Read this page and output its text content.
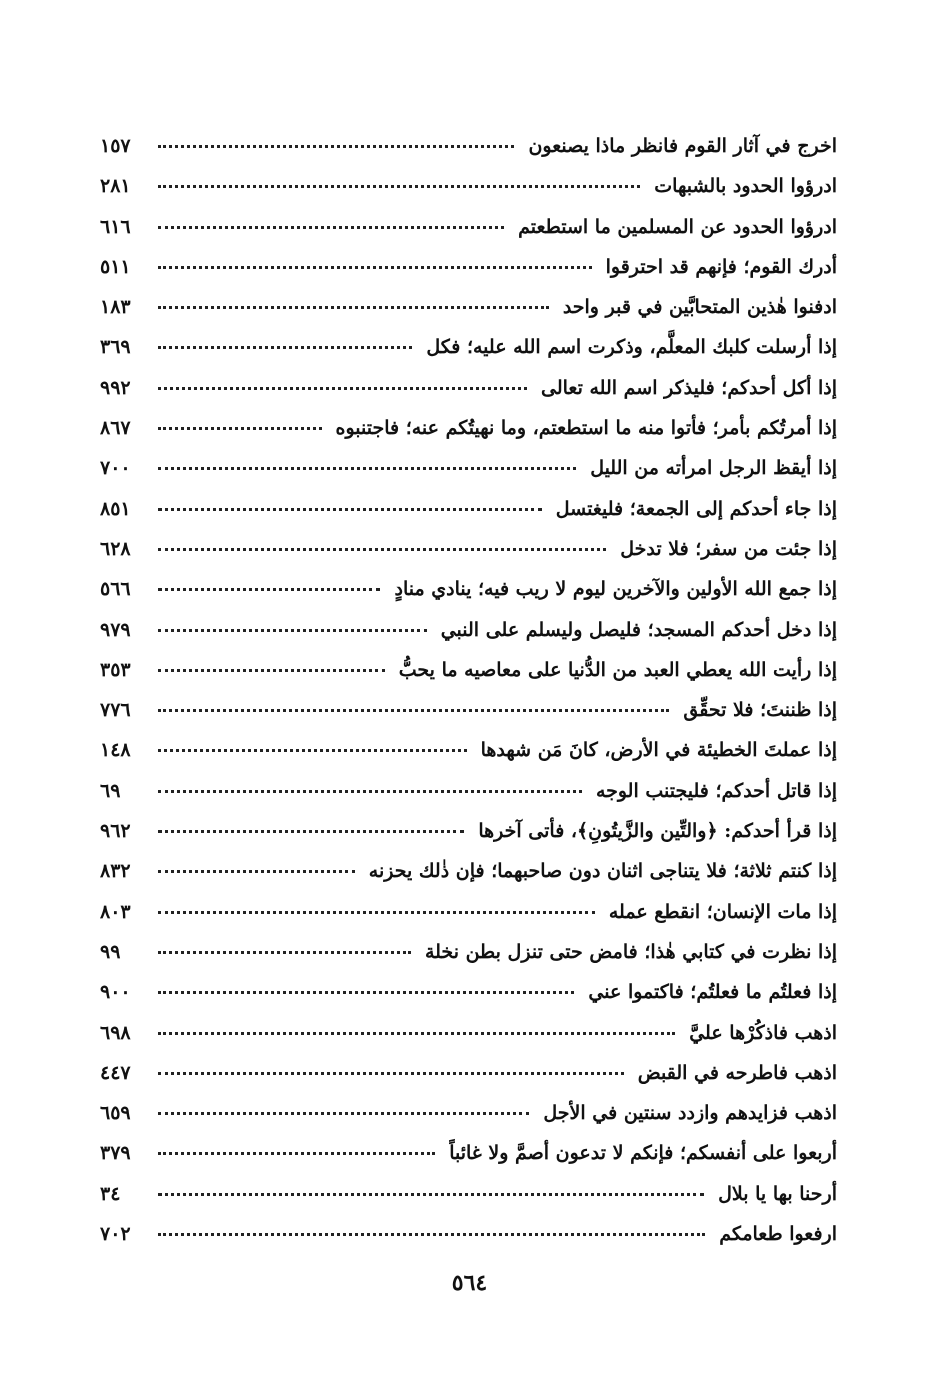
اخرج في آثار القوم فانظر ماذا يصنعون
١٥٧
ادرؤوا الحدود بالشبهات
٢٨١
ادرؤوا الحدود عن المسلمين ما استطعتم
٦١٦
أدرك القوم؛ فإنهم قد احترقوا
٥١١
ادفنوا هٰذين المتحابَّين في قبر واحد
١٨٣
إذا أرسلت كلبك المعلَّم، وذكرت اسم الله عليه؛ فكل
٣٦٩
إذا أكل أحدكم؛ فليذكر اسم الله تعالى
٩٩٢
إذا أمرتُكم بأمر؛ فأتوا منه ما استطعتم، وما نهيتُكم عنه؛ فاجتنبوه
٨٦٧
إذا أيقظ الرجل امرأته من الليل
٧٠٠
إذا جاء أحدكم إلى الجمعة؛ فليغتسل
٨٥١
إذا جئت من سفر؛ فلا تدخل
٦٢٨
إذا جمع الله الأولين والآخرين ليوم لا ريب فيه؛ ينادي منادٍ
٥٦٦
إذا دخل أحدكم المسجد؛ فليصل وليسلم على النبي
٩٧٩
إذا رأيت الله يعطي العبد من الدُّنيا على معاصيه ما يحبُّ
٣٥٣
إذا ظننتَ؛ فلا تحقِّق
٧٧٦
إذا عملتَ الخطيئة في الأرض، كانَ مَن شهدها
١٤٨
إذا قاتل أحدكم؛ فليجتنب الوجه
٦٩
إذا قرأ أحدكم: ﴿والتِّين والزَّيتُونِ﴾، فأتى آخرها
٩٦٢
إذا كنتم ثلاثة؛ فلا يتناجى اثنان دون صاحبهما؛ فإن ذٰلك يحزنه
٨٣٢
إذا مات الإنسان؛ انقطع عمله
٨٠٣
إذا نظرت في كتابي هٰذا؛ فامض حتى تنزل بطن نخلة
٩٩
إذا فعلتُم ما فعلتُم؛ فاكتموا عني
٩٠٠
اذهب فاذكُرْها عليَّ
٦٩٨
اذهب فاطرحه في القبض
٤٤٧
اذهب فزايدهم وازدد سنتين في الأجل
٦٥٩
أربعوا على أنفسكم؛ فإنكم لا تدعون أصمَّ ولا غائباً
٣٧٩
أرحنا بها يا بلال
٣٤
ارفعوا طعامكم
٧٠٢
٥٦٤
